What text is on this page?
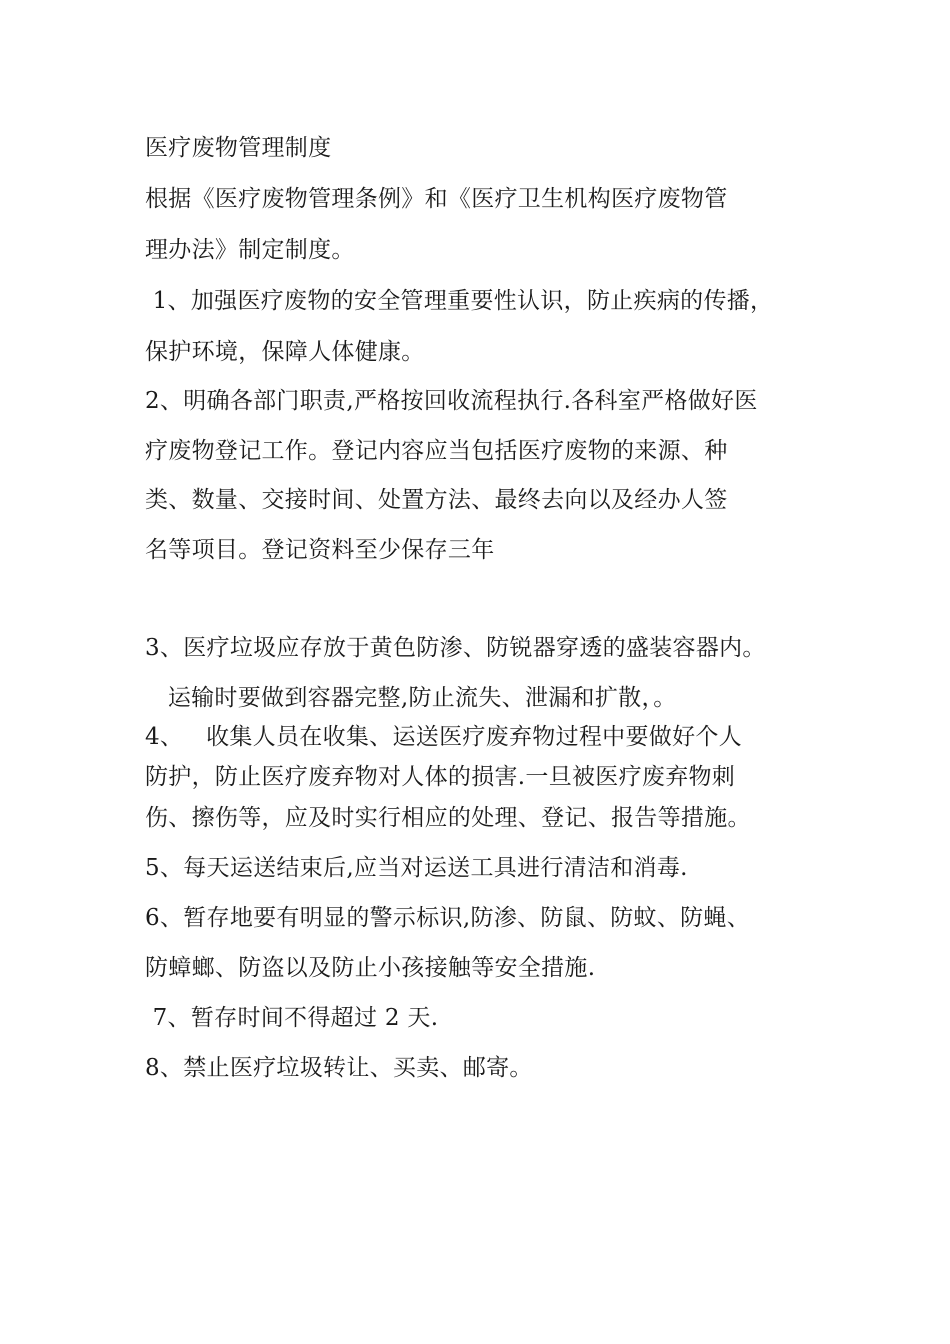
医疗废物管理制度
根据《医疗废物管理条例》和《医疗卫生机构医疗废物管
理办法》制定制度。
1、加强医疗废物的安全管理重要性认识，防止疾病的传播，
保护环境，保障人体健康。
2、明确各部门职责,严格按回收流程执行.各科室严格做好医
疗废物登记工作。登记内容应当包括医疗废物的来源、种
类、数量、交接时间、处置方法、最终去向以及经办人签
名等项目。登记资料至少保存三年
3、医疗垃圾应存放于黄色防渗、防锐器穿透的盛装容器内。
运输时要做到容器完整,防止流失、泄漏和扩散，。
4、   收集人员在收集、运送医疗废弃物过程中要做好个人
防护，防止医疗废弃物对人体的损害.一旦被医疗废弃物刺
伤、擦伤等，应及时实行相应的处理、登记、报告等措施。
5、每天运送结束后,应当对运送工具进行清洁和消毒.
6、暂存地要有明显的警示标识,防渗、防鼠、防蚊、防蝇、
防蟑螂、防盗以及防止小孩接触等安全措施.
7、暂存时间不得超过 2 天.
8、禁止医疗垃圾转让、买卖、邮寄。
